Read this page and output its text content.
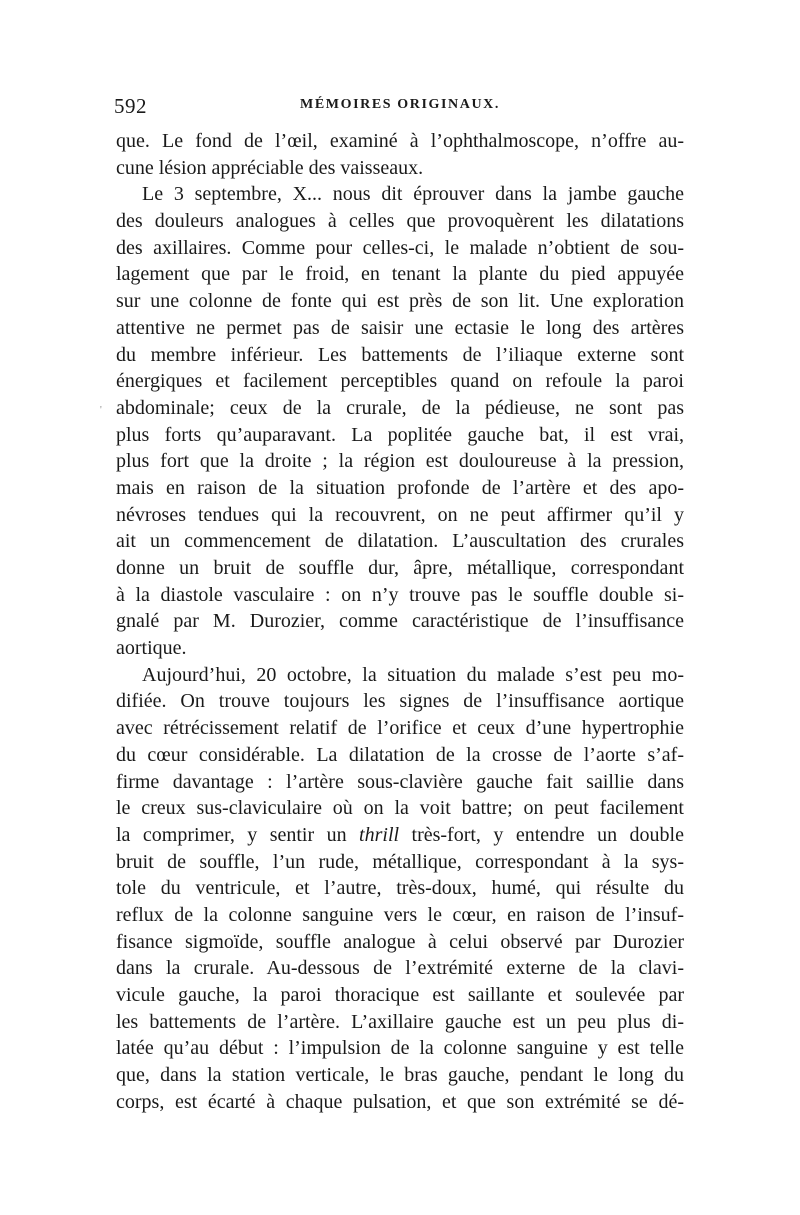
592	MÉMOIRES ORIGINAUX.
'
que. Le fond de l’œil, examiné à l’ophthalmoscope, n’offre au-
cune lésion appréciable des vaisseaux.
Le 3 septembre, X... nous dit éprouver dans la jambe gauche
des douleurs analogues à celles que provoquèrent les dilatations
des axillaires. Comme pour celles-ci, le malade n’obtient de sou-
lagement que par le froid, en tenant la plante du pied appuyée
sur une colonne de fonte qui est près de son lit. Une exploration
attentive ne permet pas de saisir une ectasie le long des artères
du membre inférieur. Les battements de l’iliaque externe sont
énergiques et facilement perceptibles quand on refoule la paroi
abdominale; ceux de la crurale, de la pédieuse, ne sont pas
plus forts qu’auparavant. La poplitée gauche bat, il est vrai,
plus fort que la droite ; la région est douloureuse à la pression,
mais en raison de la situation profonde de l’artère et des apo-
névroses tendues qui la recouvrent, on ne peut affirmer qu’il y
ait un commencement de dilatation. L’auscultation des crurales
donne un bruit de souffle dur, âpre, métallique, correspondant
à la diastole vasculaire : on n’y trouve pas le souffle double si-
gnalé par M. Durozier, comme caractéristique de l’insuffisance
aortique.
Aujourd’hui, 20 octobre, la situation du malade s’est peu mo-
difiée. On trouve toujours les signes de l’insuffisance aortique
avec rétrécissement relatif de l’orifice et ceux d’une hypertrophie
du cœur considérable. La dilatation de la crosse de l’aorte s’af-
firme davantage : l’artère sous-clavière gauche fait saillie dans
le creux sus-claviculaire où on la voit battre; on peut facilement
la comprimer, y sentir un thrill très-fort, y entendre un double
bruit de souffle, l’un rude, métallique, correspondant à la sys-
tole du ventricule, et l’autre, très-doux, humé, qui résulte du
reflux de la colonne sanguine vers le cœur, en raison de l’insuf-
fisance sigmoïde, souffle analogue à celui observé par Durozier
dans la crurale. Au-dessous de l’extrémité externe de la clavi-
vicule gauche, la paroi thoracique est saillante et soulevée par
les battements de l’artère. L’axillaire gauche est un peu plus di-
latée qu’au début : l’impulsion de la colonne sanguine y est telle
que, dans la station verticale, le bras gauche, pendant le long du
corps, est écarté à chaque pulsation, et que son extrémité se dé-
